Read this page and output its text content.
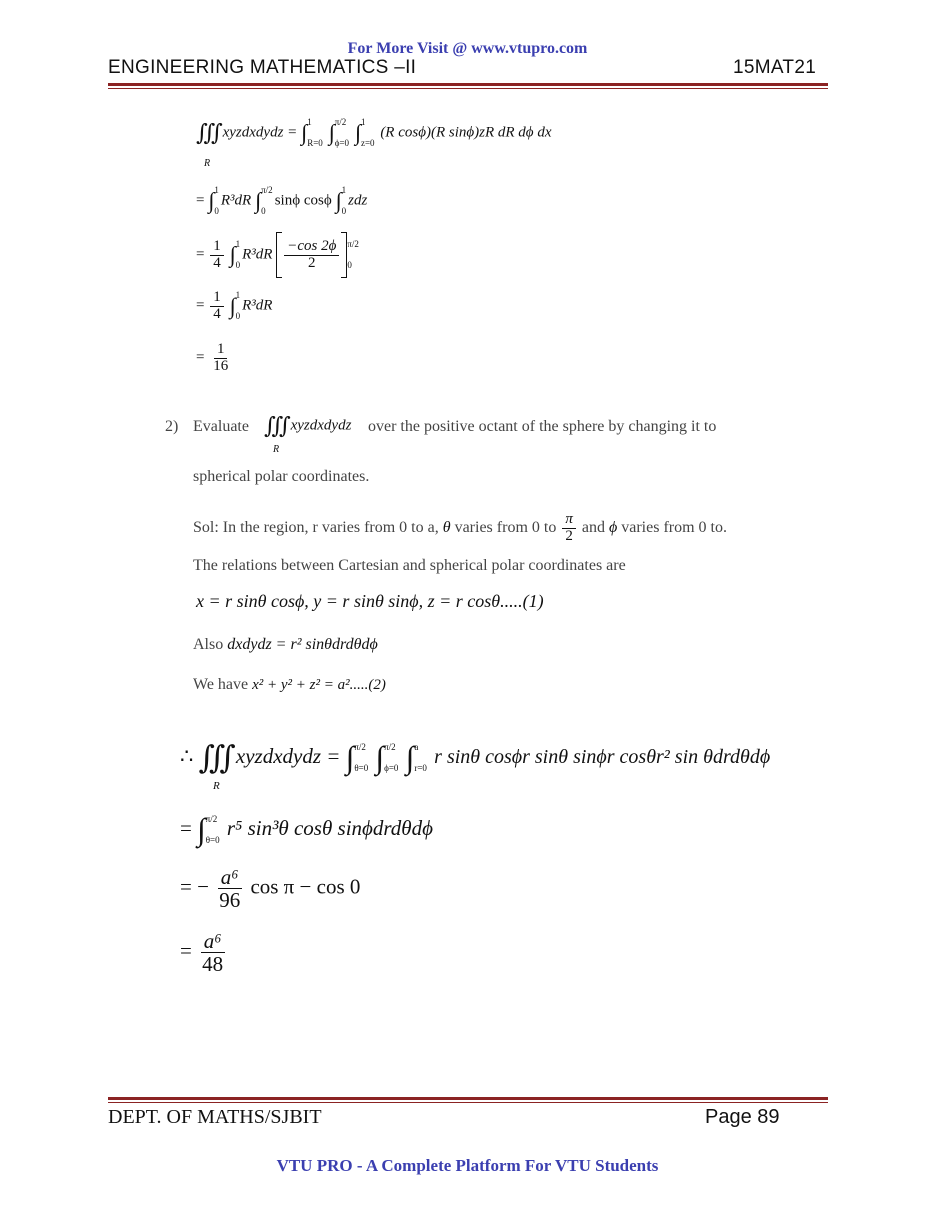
For More Visit @ www.vtupro.com
ENGINEERING MATHEMATICS –II	15MAT21
∭xyzdxdydz = ∫ 1
R=0 ∫ π/2
ϕ=0 ∫ 1
z=0
(R cosϕ)(R sinϕ)zR dR dϕ dx
R
= ∫ 1
0
R³dR ∫ π/2
0
sinϕ cosϕ ∫ 1
0
zdz
= $\frac{1}{4}$ ∫ 1
0
$R^3dR \frac{-\cos 2\phi}{2} \pi/2$
0
= $\frac{1}{4}$ ∫ 1
0
R³dR
= $\frac{1}{16}$
2) Evaluate ∭xyzdxdydz
R
over the positive octant of the sphere by changing it to
spherical polar coordinates.
Sol: In the region, r varies from 0 to a, θ varies from 0 to $\frac{\pi}{2}$ and ϕ varies from 0 to.
The relations between Cartesian and spherical polar coordinates are
x = r sinθ cosϕ, y = r sinθ sinϕ, z = r cosθ.....(1)
Also dxdydz = r² sinθdrdθdϕ
We have x² + y² + z² = a².....(2)
∴ ∭xyzdxdydz = ∫ π/2
θ=0 ∫ π/2
ϕ=0 ∫ a
r=0
r sinθ cosϕr sinθ sinϕr cosθr² sin θdrdθdϕ
R
= ∫ π/2
θ=0
r⁵ sin³θ cosθ sinϕdrdθdϕ
= − $\frac{\text{a⁶}}{96}$ cos π − cos 0
= $\frac{\text{a⁶}}{48}$
DEPT. OF MATHS/SJBIT	Page 89
VTU PRO - A Complete Platform For VTU Students
